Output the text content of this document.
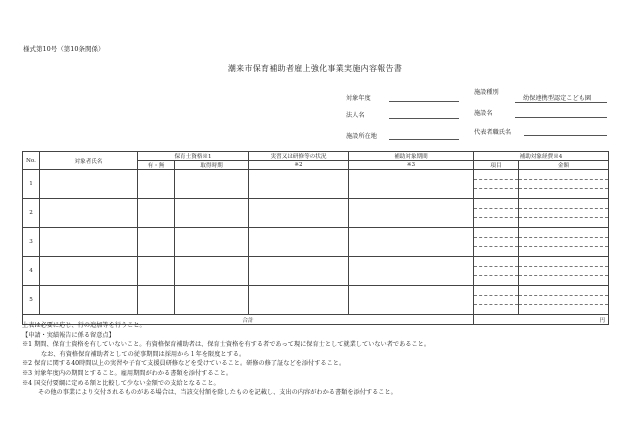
様式第10号（第10条関係）
潮来市保育補助者雇上強化事業実施内容報告書
対象年度
施設種別
幼保連携型認定こども園
法人名	施設名
施設所在地
代表者職氏名
No.	対象者氏名	保育士資格※1		実習又は研修等の状況	補助対象期間	補助対象経費※4	
		有・無	取得時期	※2	※3	項目	金額
1						

2						

3						

4						

5						

合計						円	
上表は必要に応じ、行の追加等を行うこと。
【申請・実績報告に係る留意点】
※1 期間、保育士資格を有していないこと。有資格保育補助者は、保育士資格を有する者であって現に保育士として就業していない者であること。
なお、有資格保育補助者としての従事期間は採用から１年を限度とする。
※2 保育に関する40時間以上の実習や子育て支援員研修などを受けていること。研修の修了証などを添付すること。
※3 対象年度内の期間とすること。雇用期間がわかる書類を添付すること。
※4 国交付要綱に定める額と比較して少ない金額での支給となること。
その他の事業により交付されるものがある場合は、当該交付額を除したものを記載し、支出の内容がわかる書類を添付すること。
